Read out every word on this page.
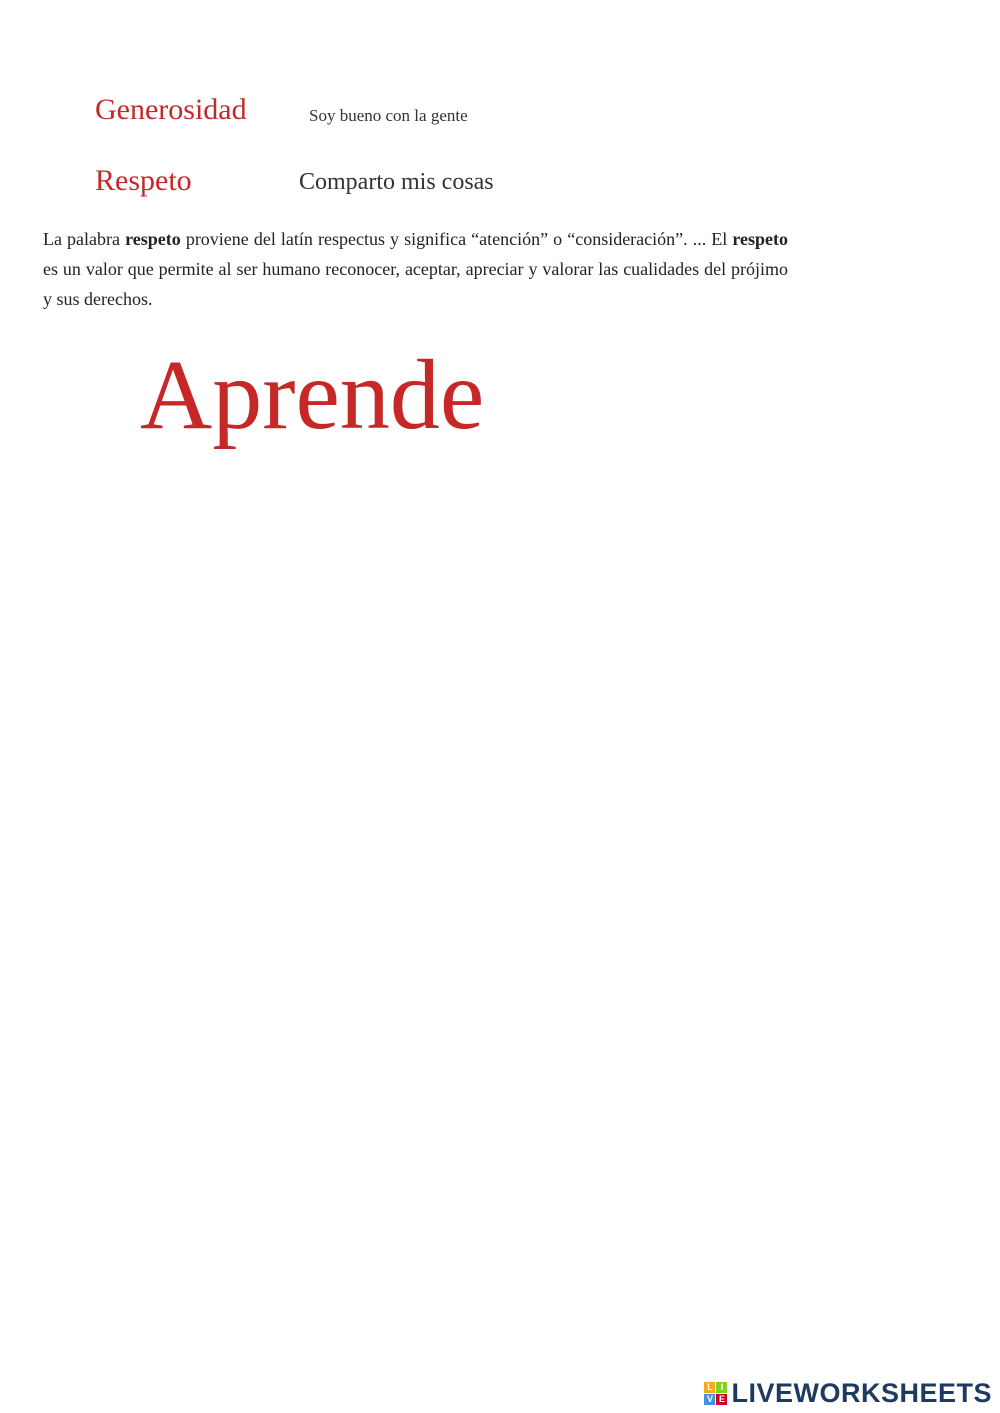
Generosidad	Soy bueno con la gente
Respeto	Comparto mis cosas
La palabra respeto proviene del latín respectus y significa “atención” o “consideración”. ... El respeto es un valor que permite al ser humano reconocer, aceptar, apreciar y valorar las cualidades del prójimo y sus derechos.
Aprende
L I
V E LIVEWORKSHEETS
